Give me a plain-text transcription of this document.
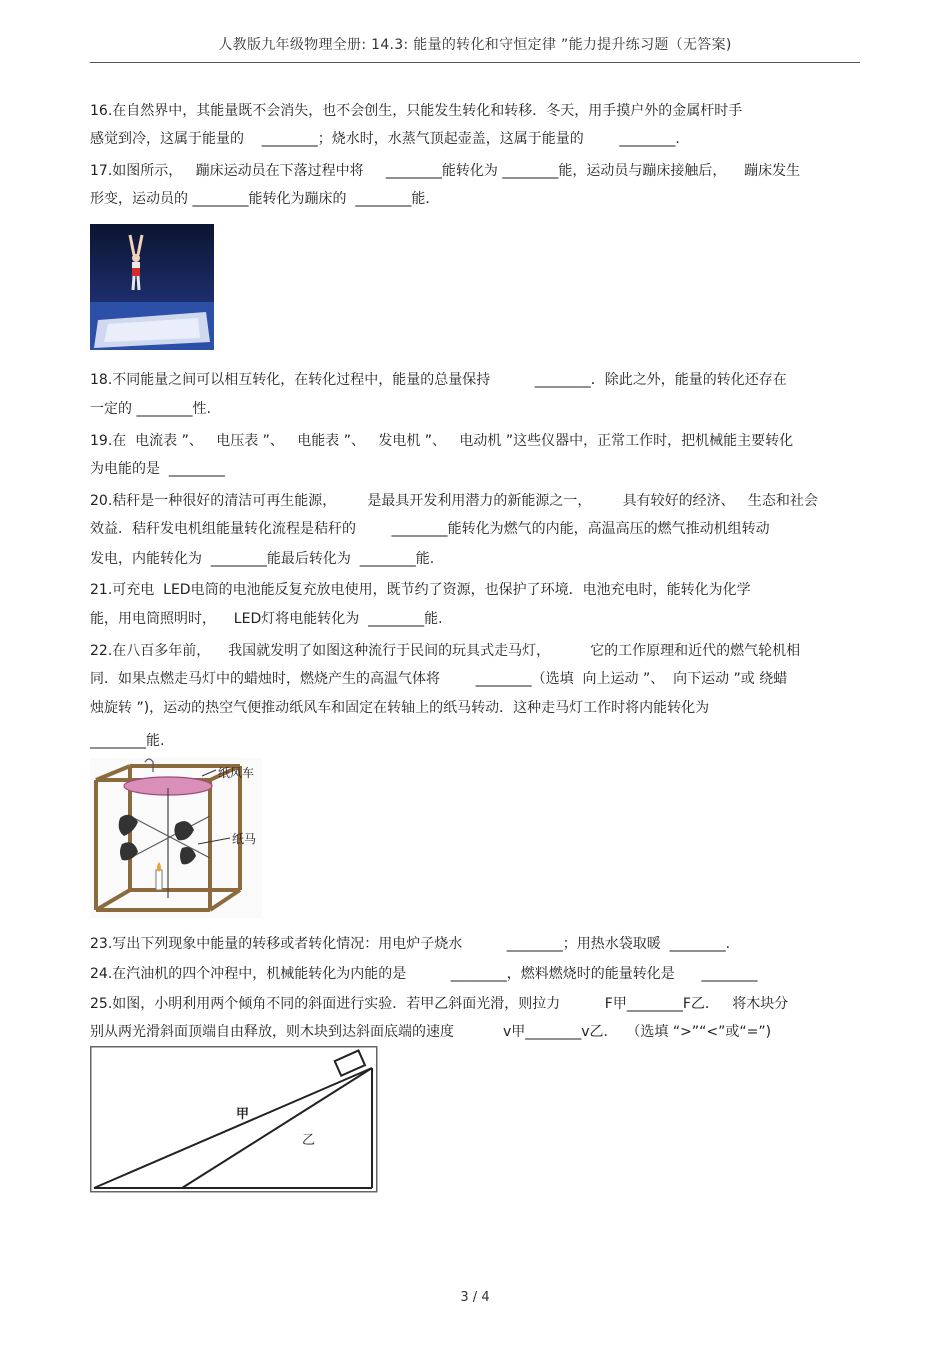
人教版九年级物理全册: 14.3: 能量的转化和守恒定律 ”能力提升练习题（无答案)
16.在自然界中，其能量既不会消失，也不会创生，只能发生转化和转移．冬天，用手摸户外的金属杆时手
感觉到冷，这属于能量的    ________；烧水时，水蒸气顶起壶盖，这属于能量的        ________.
17.如图所示，   蹦床运动员在下落过程中将     ________能转化为 ________能，运动员与蹦床接触后，    蹦床发生
形变，运动员的 ________能转化为蹦床的  ________能．
18.不同能量之间可以相互转化，在转化过程中，能量的总量保持          ________．除此之外，能量的转化还存在
一定的 ________性.
19.在  电流表 ”、   电压表 ”、   电能表 ”、   发电机 ”、   电动机 ”这些仪器中，正常工作时，把机械能主要转化
为电能的是  ________
20.秸秆是一种很好的清洁可再生能源，       是最具开发利用潜力的新能源之一，       具有较好的经济、   生态和社会
效益．秸秆发电机组能量转化流程是秸秆的        ________能转化为燃气的内能，高温高压的燃气推动机组转动
发电，内能转化为  ________能最后转化为  ________能.
21.可充电  LED电筒的电池能反复充放电使用，既节约了资源，也保护了环境．电池充电时，能转化为化学
能，用电筒照明时，    LED灯将电能转化为  ________能.
22.在八百多年前，    我国就发明了如图这种流行于民间的玩具式走马灯，         它的工作原理和近代的燃气轮机相
同．如果点燃走马灯中的蜡烛时，燃烧产生的高温气体将        ________（选填  向上运动 ”、  向下运动 ”或 绕蜡
烛旋转 ”)，运动的热空气便推动纸风车和固定在转轴上的纸马转动．这种走马灯工作时将内能转化为
________能.
纸风车
纸马
23.写出下列现象中能量的转移或者转化情况：用电炉子烧水          ________；用热水袋取暖  ________.
24.在汽油机的四个冲程中，机械能转化为内能的是          ________，燃料燃烧时的能量转化是      ________
25.如图，小明利用两个倾角不同的斜面进行实验．若甲乙斜面光滑，则拉力          F甲________F乙．   将木块分
别从两光滑斜面顶端自由释放，则木块到达斜面底端的速度           v甲________v乙．  （选填 “>”“<”或“=”)
甲
乙
3 / 4
